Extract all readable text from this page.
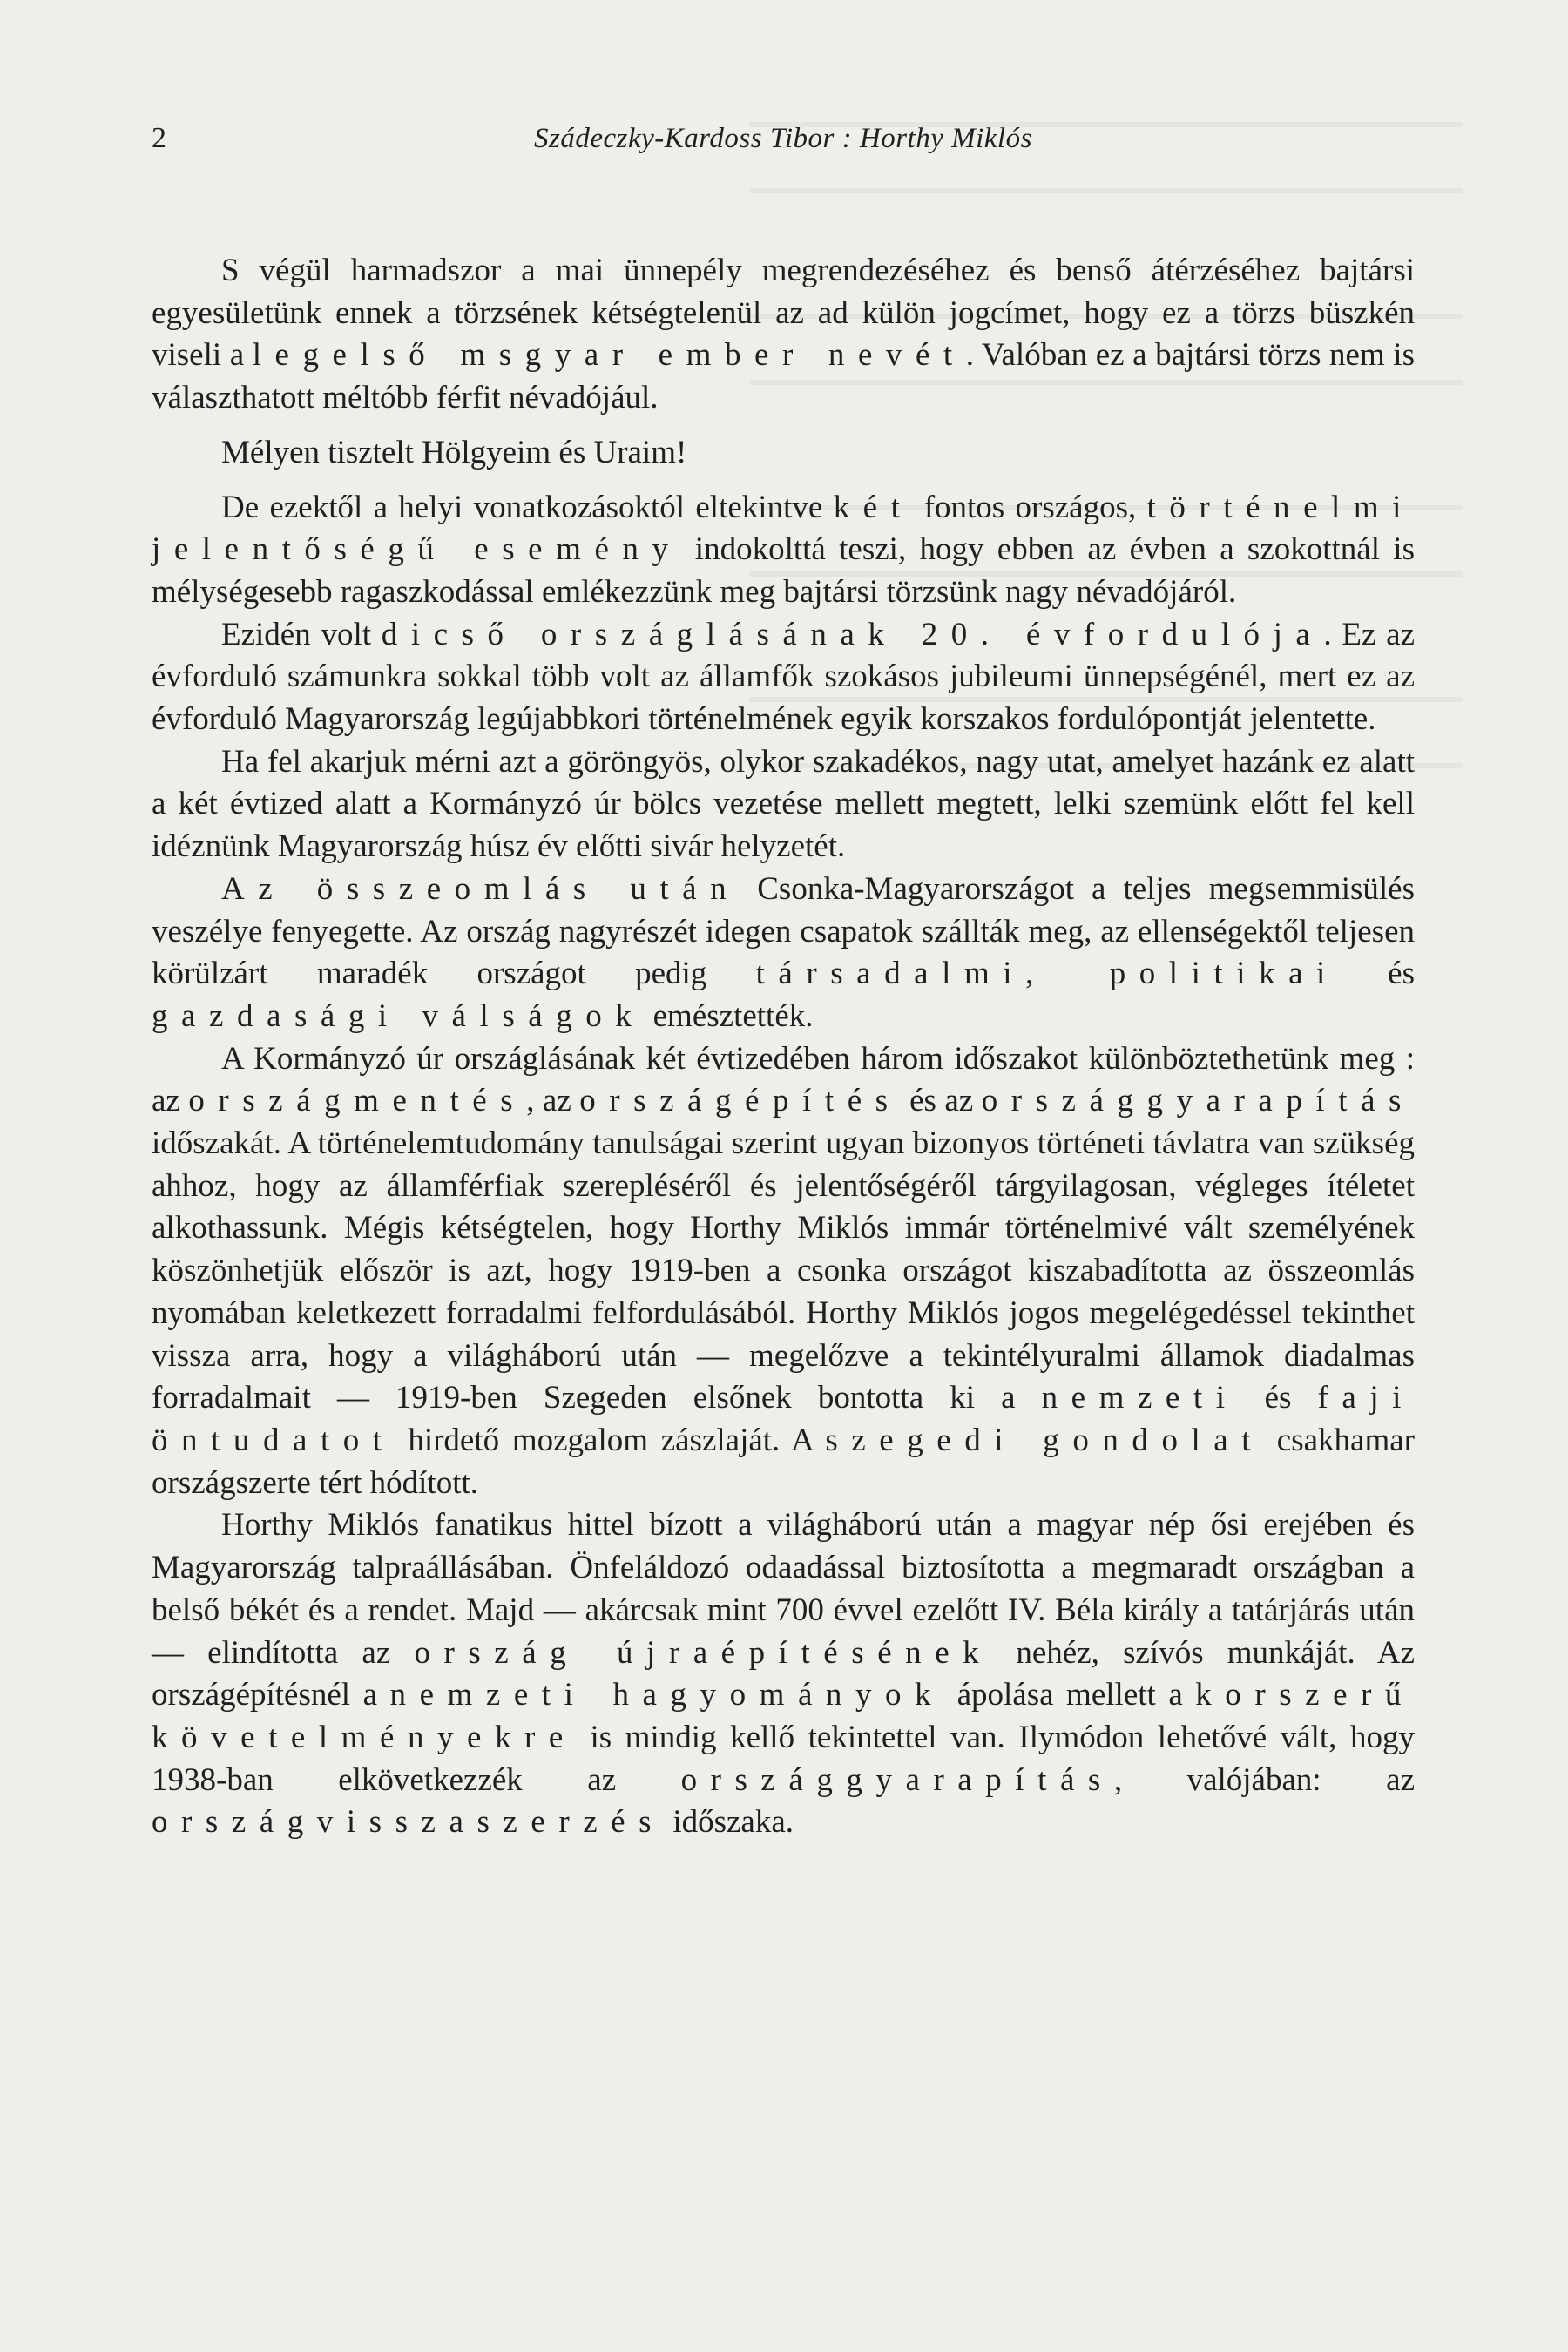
2	Szádeczky-Kardoss Tibor : Horthy Miklós

S végül harmadszor a mai ünnepély megrendezéséhez és benső átérzéséhez bajtársi egyesületünk ennek a törzsének kétségtelenül az ad külön jogcímet, hogy ez a törzs büszkén viseli a legelső msgyar ember nevét. Valóban ez a bajtársi törzs nem is választhatott méltóbb férfit névadójául.

Mélyen tisztelt Hölgyeim és Uraim!

De ezektől a helyi vonatkozásoktól eltekintve két fontos országos, történelmi jelentőségű esemény indokolttá teszi, hogy ebben az évben a szokottnál is mélységesebb ragaszkodással emlékezzünk meg bajtársi törzsünk nagy névadójáról.

Ezidén volt dicső országlásának 20. évfordulója. Ez az évforduló számunkra sokkal több volt az államfők szokásos jubileumi ünnepségénél, mert ez az évforduló Magyarország legújabbkori történelmének egyik korszakos fordulópontját jelentette.

Ha fel akarjuk mérni azt a göröngyös, olykor szakadékos, nagy utat, amelyet hazánk ez alatt a két évtized alatt a Kormányzó úr bölcs vezetése mellett megtett, lelki szemünk előtt fel kell idéznünk Magyarország húsz év előtti sivár helyzetét.

Az összeomlás után Csonka-Magyarországot a teljes megsemmisülés veszélye fenyegette. Az ország nagyrészét idegen csapatok szállták meg, az ellenségektől teljesen körülzárt maradék országot pedig társadalmi, politikai és gazdasági válságok emésztették.

A Kormányzó úr országlásának két évtizedében három időszakot különböztethetünk meg : az országmentés, az országépítés és az országgyarapítás időszakát. A történelemtudomány tanulságai szerint ugyan bizonyos történeti távlatra van szükség ahhoz, hogy az államférfiak szerepléséről és jelentőségéről tárgyilagosan, végleges ítéletet alkothassunk. Mégis kétségtelen, hogy Horthy Miklós immár történelmivé vált személyének köszönhetjük először is azt, hogy 1919-ben a csonka országot kiszabadította az összeomlás nyomában keletkezett forradalmi felfordulásából. Horthy Miklós jogos megelégedéssel tekinthet vissza arra, hogy a világháború után — megelőzve a tekintélyuralmi államok diadalmas forradalmait — 1919-ben Szegeden elsőnek bontotta ki a nemzeti és faji öntudatot hirdető mozgalom zászlaját. A szegedi gondolat csakhamar országszerte tért hódított.

Horthy Miklós fanatikus hittel bízott a világháború után a magyar nép ősi erejében és Magyarország talpraállásában. Önfeláldozó odaadással biztosította a megmaradt országban a belső békét és a rendet. Majd — akárcsak mint 700 évvel ezelőtt IV. Béla király a tatárjárás után — elindította az ország újraépítésének nehéz, szívós munkáját. Az országépítésnél a nemzeti hagyományok ápolása mellett a korszerű követelményekre is mindig kellő tekintettel van. Ilymódon lehetővé vált, hogy 1938-ban elkövetkezzék az országgyarapítás, valójában: az országvisszaszerzés időszaka.
